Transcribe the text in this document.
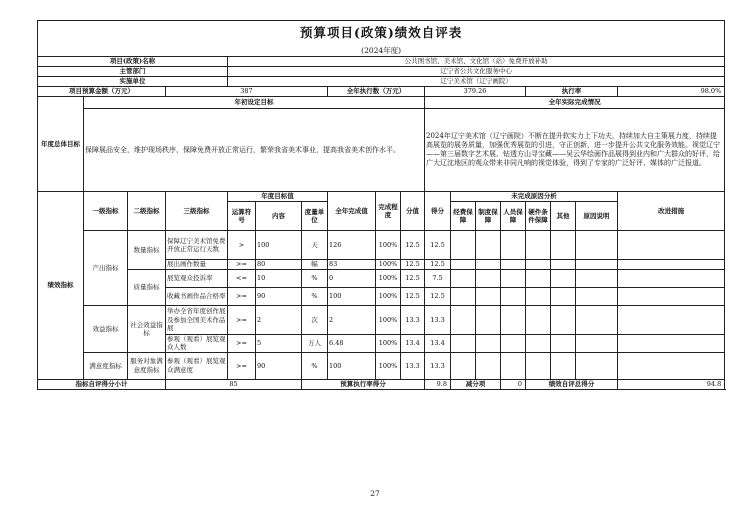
预算项目(政策)绩效自评表																	
(2024年度)																	
项目(政策)名称				公共图书馆、美术馆、文化馆（站）免费开放补助													
主管部门				辽宁省公共文化服务中心													
实施单位				辽宁美术馆（辽宁画院）													
项目预算金额（万元）			387				全年执行数（万元）			379.26				执行率			98.0%
年度总体目标	年初设定目标									全年实际完成情况							
	保障展品安全，维护现场秩序，保障免费开放正常运行，繁荣我省美术事业，提高我省美术创作水平。									2024年辽宁美术馆（辽宁画院）不断在提升软实力上下功夫，持续加大自主策展力度，持续提高展览的展务质量，加强优秀展览的引进，守正创新，进一步提升公共文化服务效能。视觉辽宁——第三届数字艺术展、钻透方山寻宝藏——吴云华绘画作品展得到业内和广大群众的好评，给广大辽沈地区的观众带来非同凡响的视觉体验，得到了专家的广泛好评、媒体的广泛报道。							
绩效指标	一级指标	二级指标	三级指标	年度目标值			全年完成值	完成程度	分值	得分	未完成原因分析						改进措施
				运算符号	内容	度量单位					经费保障	制度保障	人员保障	硬件条件保障	其他	原因说明	
	产出指标	数量指标	保障辽宁美术馆免费开放正常运行天数	>	100	天	126	100%	12.5	12.5							
			展出画作数量	>=	80	幅	83	100%	12.5	12.5							
		质量指标	展览观众投诉率	<=	10	%	0	100%	12.5	7.5							
			收藏书画作品合格率	>=	90	%	100	100%	12.5	12.5							
	效益指标	社会效益指标	举办全省年度创作展及参加全国美术作品展	>=	2	次	2	100%	13.3	13.3							
			参观（观看）展览观众人数	>=	5	万人	6.48	100%	13.4	13.4							
	满意度指标	服务对象满意度指标	参观（观看）展览观众满意度	>=	90	%	100	100%	13.3	13.3							
指标自评得分小计			85			预算执行率得分				9.8	减分项		0	绩效自评总得分			94.8
27
